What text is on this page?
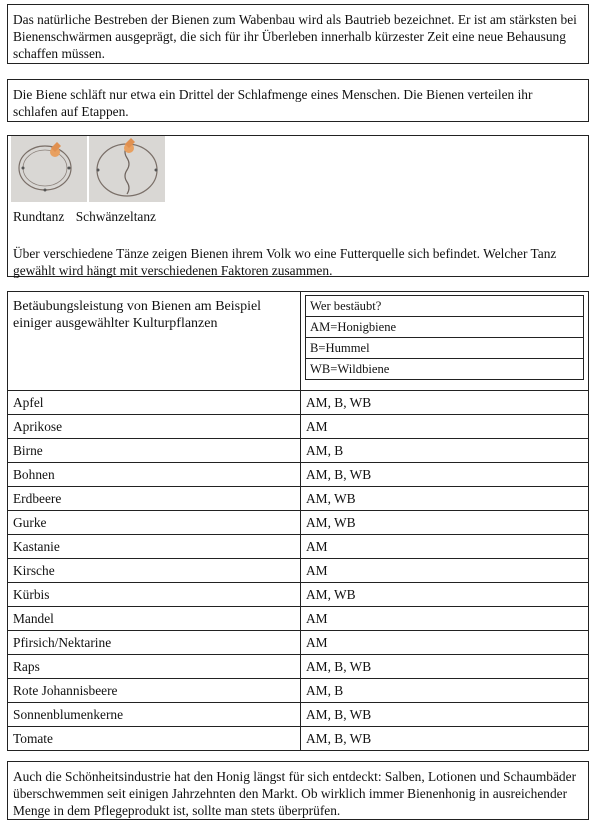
Das natürliche Bestreben der Bienen zum Wabenbau wird als Bautrieb bezeichnet. Er ist am stärksten bei Bienenschwärmen ausgeprägt, die sich für ihr Überleben innerhalb kürzester Zeit eine neue Behausung schaffen müssen.

Die Biene schläft nur etwa ein Drittel der Schlafmenge eines Menschen. Die Bienen verteilen ihr schlafen auf Etappen.

Rundtanz Schwänzeltanz

Über verschiedene Tänze zeigen Bienen ihrem Volk wo eine Futterquelle sich befindet. Welcher Tanz gewählt wird hängt mit verschiedenen Faktoren zusammen.

Betäubungsleistung von Bienen am Beispiel einiger ausgewählter Kulturpflanzen	
Wer bestäubt?
AM=Honigbiene
B=Hummel
WB=Wildbiene

Apfel	AM, B, WB
Aprikose	AM
Birne	AM, B
Bohnen	AM, B, WB
Erdbeere	AM, WB
Gurke	AM, WB
Kastanie	AM
Kirsche	AM
Kürbis	AM, WB
Mandel	AM
Pfirsich/Nektarine	AM
Raps	AM, B, WB
Rote Johannisbeere	AM, B
Sonnenblumenkerne	AM, B, WB
Tomate	AM, B, WB

Auch die Schönheitsindustrie hat den Honig längst für sich entdeckt: Salben, Lotionen und Schaumbäder überschwemmen seit einigen Jahrzehnten den Markt. Ob wirklich immer Bienenhonig in ausreichender Menge in dem Pflegeprodukt ist, sollte man stets überprüfen.
